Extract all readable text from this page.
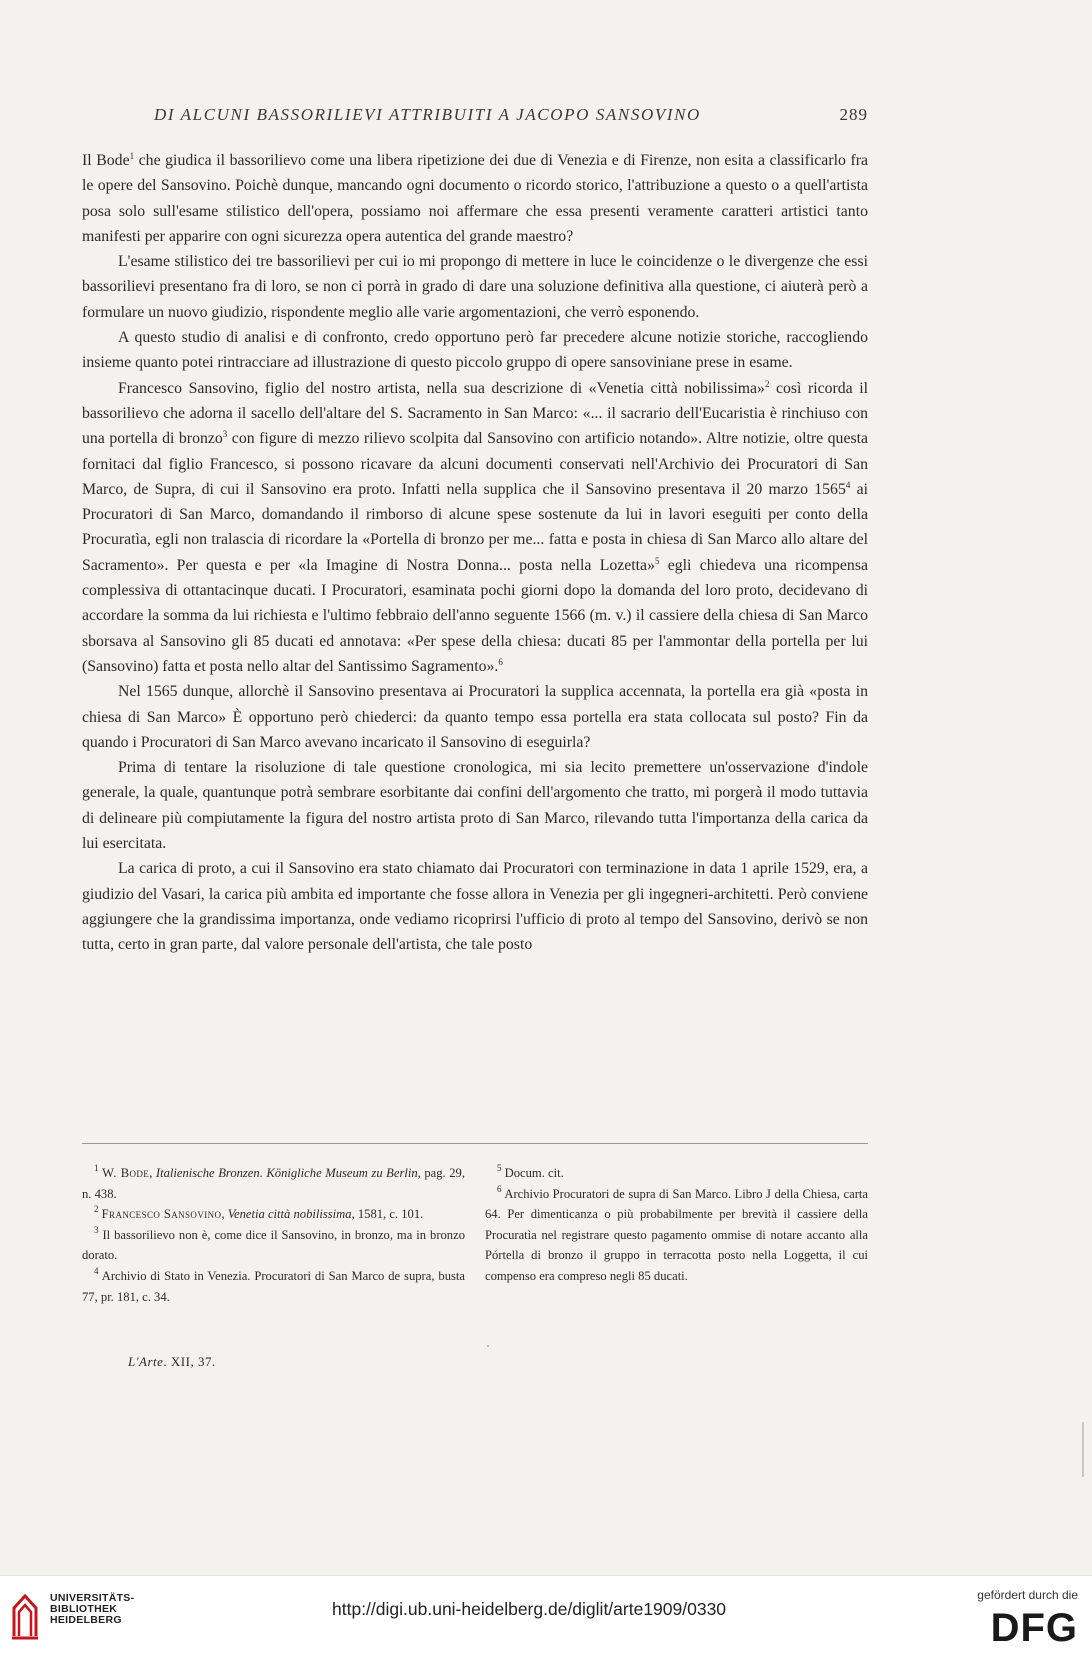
DI ALCUNI BASSORILIEVI ATTRIBUITI A JACOPO SANSOVINO	289

Il Bode$^1$ che giudica il bassorilievo come una libera ripetizione dei due di Venezia e di Firenze, non esita a classificarlo fra le opere del Sansovino. Poichè dunque, mancando ogni documento o ricordo storico, l'attribuzione a questo o a quell'artista posa solo sull'esame stilistico dell'opera, possiamo noi affermare che essa presenti veramente caratteri artistici tanto manifesti per apparire con ogni sicurezza opera autentica del grande maestro?

L'esame stilistico dei tre bassorilievi per cui io mi propongo di mettere in luce le coincidenze o le divergenze che essi bassorilievi presentano fra di loro, se non ci porrà in grado di dare una soluzione definitiva alla questione, ci aiuterà però a formulare un nuovo giudizio, rispondente meglio alle varie argomentazioni, che verrò esponendo.

A questo studio di analisi e di confronto, credo opportuno però far precedere alcune notizie storiche, raccogliendo insieme quanto potei rintracciare ad illustrazione di questo piccolo gruppo di opere sansoviniane prese in esame.

Francesco Sansovino, figlio del nostro artista, nella sua descrizione di «Venetia città nobilissima»$^2$ così ricorda il bassorilievo che adorna il sacello dell'altare del S. Sacramento in San Marco: «... il sacrario dell'Eucaristia è rinchiuso con una portella di bronzo$^3$ con figure di mezzo rilievo scolpita dal Sansovino con artificio notando». Altre notizie, oltre questa fornitaci dal figlio Francesco, si possono ricavare da alcuni documenti conservati nell'Archivio dei Procuratori di San Marco, de Supra, di cui il Sansovino era proto. Infatti nella supplica che il Sansovino presentava il 20 marzo 1565$^4$ ai Procuratori di San Marco, domandando il rimborso di alcune spese sostenute da lui in lavori eseguiti per conto della Procuratìa, egli non tralascia di ricordare la «Portella di bronzo per me... fatta e posta in chiesa di San Marco allo altare del Sacramento». Per questa e per «la Imagine di Nostra Donna... posta nella Lozetta»$^5$ egli chiedeva una ricompensa complessiva di ottantacinque ducati. I Procuratori, esaminata pochi giorni dopo la domanda del loro proto, decidevano di accordare la somma da lui richiesta e l'ultimo febbraio dell'anno seguente 1566 (m. v.) il cassiere della chiesa di San Marco sborsava al Sansovino gli 85 ducati ed annotava: «Per spese della chiesa: ducati 85 per l'ammontar della portella per lui (Sansovino) fatta et posta nello altar del Santissimo Sagramento».$^6$

Nel 1565 dunque, allorchè il Sansovino presentava ai Procuratori la supplica accennata, la portella era già «posta in chiesa di San Marco» È opportuno però chiederci: da quanto tempo essa portella era stata collocata sul posto? Fin da quando i Procuratori di San Marco avevano incaricato il Sansovino di eseguirla?

Prima di tentare la risoluzione di tale questione cronologica, mi sia lecito premettere un'osservazione d'indole generale, la quale, quantunque potrà sembrare esorbitante dai confini dell'argomento che tratto, mi porgerà il modo tuttavia di delineare più compiutamente la figura del nostro artista proto di San Marco, rilevando tutta l'importanza della carica da lui esercitata.

La carica di proto, a cui il Sansovino era stato chiamato dai Procuratori con terminazione in data 1 aprile 1529, era, a giudizio del Vasari, la carica più ambita ed importante che fosse allora in Venezia per gli ingegneri-architetti. Però conviene aggiungere che la grandissima importanza, onde vediamo ricoprirsi l'ufficio di proto al tempo del Sansovino, derivò se non tutta, certo in gran parte, dal valore personale dell'artista, che tale posto

$^1$ W. Bode, Italienische Bronzen. Königliche Museum zu Berlin, pag. 29, n. 438.

$^2$ Francesco Sansovino, Venetia città nobilissima, 1581, c. 101.

$^3$ Il bassorilievo non è, come dice il Sansovino, in bronzo, ma in bronzo dorato.

$^4$ Archivio di Stato in Venezia. Procuratori di San Marco de supra, busta 77, pr. 181, c. 34.

$^5$ Docum. cit.

$^6$ Archivio Procuratori de supra di San Marco. Libro J della Chiesa, carta 64. Per dimenticanza o più probabilmente per brevità il cassiere della Procuratìa nel registrare questo pagamento ommise di notare accanto alla Pórtella di bronzo il gruppo in terracotta posto nella Loggetta, il cui compenso era compreso negli 85 ducati.

L'Arte. XII, 37.
UNIVERSITÄTS-
BIBLIOTHEK
HEIDELBERG
http://digi.ub.uni-heidelberg.de/diglit/arte1909/0330
gefördert durch die
DFG
